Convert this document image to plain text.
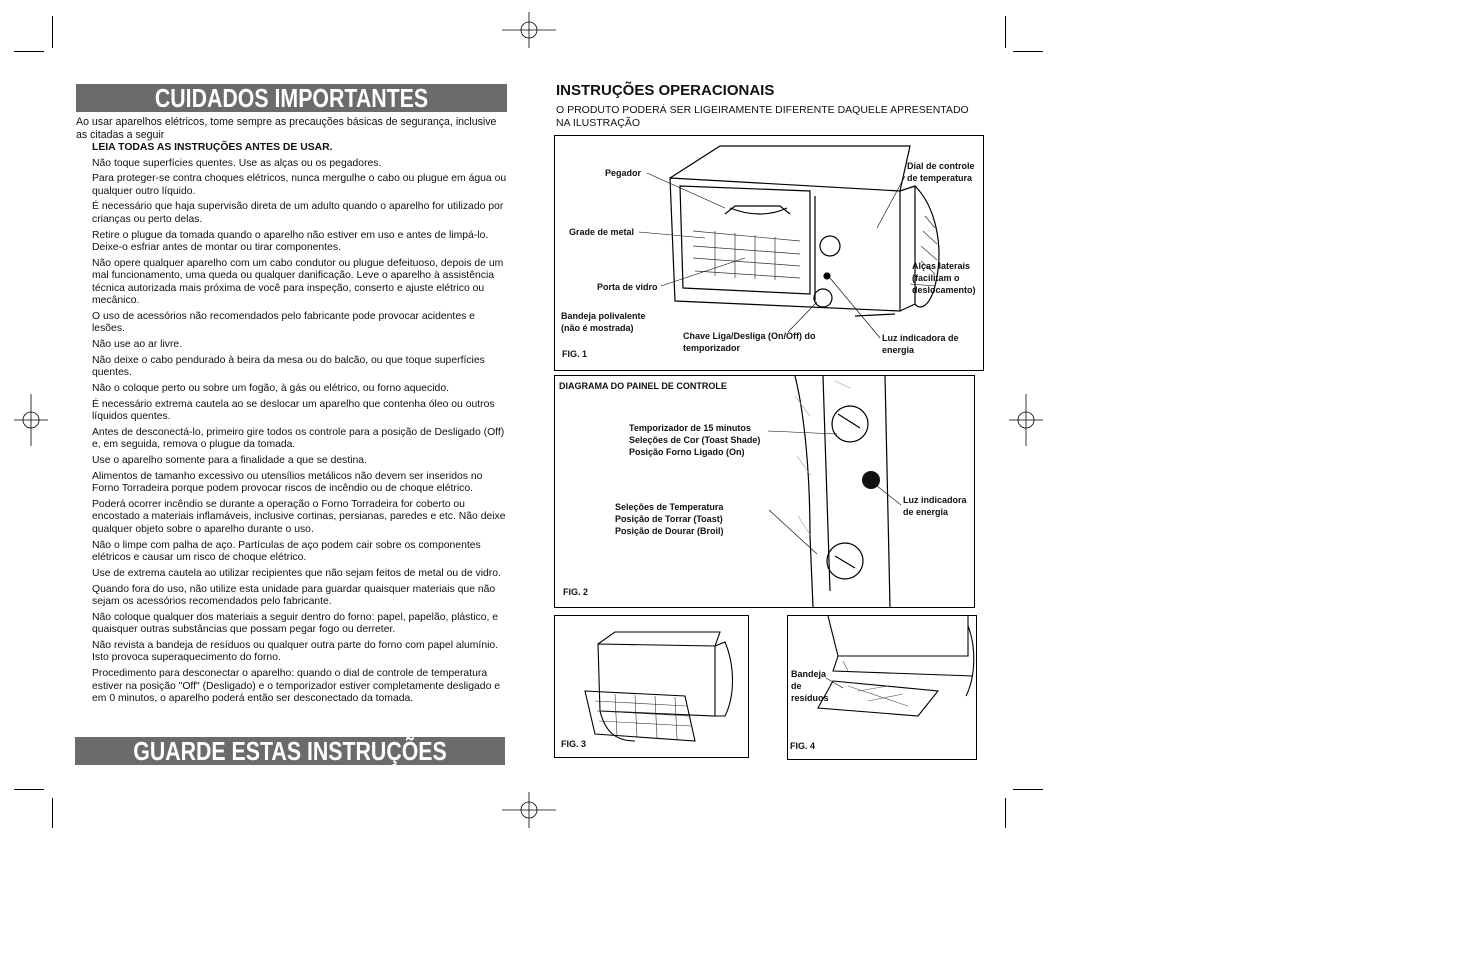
CUIDADOS IMPORTANTES
Ao usar aparelhos elétricos, tome sempre as precauções básicas de segurança, inclusive as citadas a seguir
LEIA TODAS AS INSTRUÇÕES ANTES DE USAR.
Não toque superfícies quentes. Use as alças ou os pegadores.
Para proteger-se contra choques elétricos, nunca mergulhe o cabo ou plugue em água ou qualquer outro líquido.
É necessário que haja supervisão direta de um adulto quando o aparelho for utilizado por crianças ou perto delas.
Retire o plugue da tomada quando o aparelho não estiver em uso e antes de limpá-lo. Deixe-o esfriar antes de montar ou tirar componentes.
Não opere qualquer aparelho com um cabo condutor ou plugue defeituoso, depois de um mal funcionamento, uma queda ou qualquer danificação. Leve o aparelho à assistência técnica autorizada mais próxima de você para inspeção, conserto e ajuste elétrico ou mecânico.
O uso de acessórios não recomendados pelo fabricante pode provocar acidentes e lesões.
Não use ao ar livre.
Não deixe o cabo pendurado à beira da mesa ou do balcão, ou que toque superfícies quentes.
Não o coloque perto ou sobre um fogão, à gás ou elétrico, ou forno aquecido.
É necessário extrema cautela ao se deslocar um aparelho que contenha óleo ou outros líquidos quentes.
Antes de desconectá-lo, primeiro gire todos os controle para a posição de Desligado (Off) e, em seguida, remova o plugue da tomada.
Use o aparelho somente para a finalidade a que se destina.
Alimentos de tamanho excessivo ou utensílios metálicos não devem ser inseridos no Forno Torradeira porque podem provocar riscos de incêndio ou de choque elétrico.
Poderá ocorrer incêndio se durante a operação o Forno Torradeira for coberto ou encostado a materiais inflamáveis, inclusive cortinas, persianas, paredes e etc. Não deixe qualquer objeto sobre o aparelho durante o uso.
Não o limpe com palha de aço. Partículas de aço podem cair sobre os componentes elétricos e causar um risco de choque elétrico.
Use de extrema cautela ao utilizar recipientes que não sejam feitos de metal ou de vidro.
Quando fora do uso, não utilize esta unidade para guardar quaisquer materiais que não sejam os acessórios recomendados pelo fabricante.
Não coloque qualquer dos materiais a seguir dentro do forno: papel, papelão, plástico, e quaisquer outras substâncias que possam pegar fogo ou derreter.
Não revista a bandeja de resíduos ou qualquer outra parte do forno com papel alumínio. Isto provoca superaquecimento do forno.
Procedimento para desconectar o aparelho: quando o dial de controle de temperatura estiver na posição "Off" (Desligado) e o temporizador estiver completamente desligado e em 0 minutos, o aparelho poderá então ser desconectado da tomada.
GUARDE ESTAS INSTRUÇÕES
INSTRUÇÕES OPERACIONAIS
O PRODUTO PODERÁ SER LIGEIRAMENTE DIFERENTE DAQUELE APRESENTADO NA ILUSTRAÇÃO
Pegador
Grade de metal
Porta de vidro
Bandeja polivalente
(não é mostrada)
Chave Liga/Desliga (On/Off) do
temporizador
Dial de controle
de temperatura
Alças laterais
(facilitam o
deslocamento)
Luz indicadora de
energia
FIG. 1
DIAGRAMA DO PAINEL DE CONTROLE
Temporizador de 15 minutos
Seleções de Cor (Toast Shade)
Posição Forno Ligado (On)
Seleções de Temperatura
Posição de Torrar (Toast)
Posição de Dourar (Broil)
Luz indicadora
de energia
FIG. 2
FIG. 3
Bandeja
de
resíduos
FIG. 4
